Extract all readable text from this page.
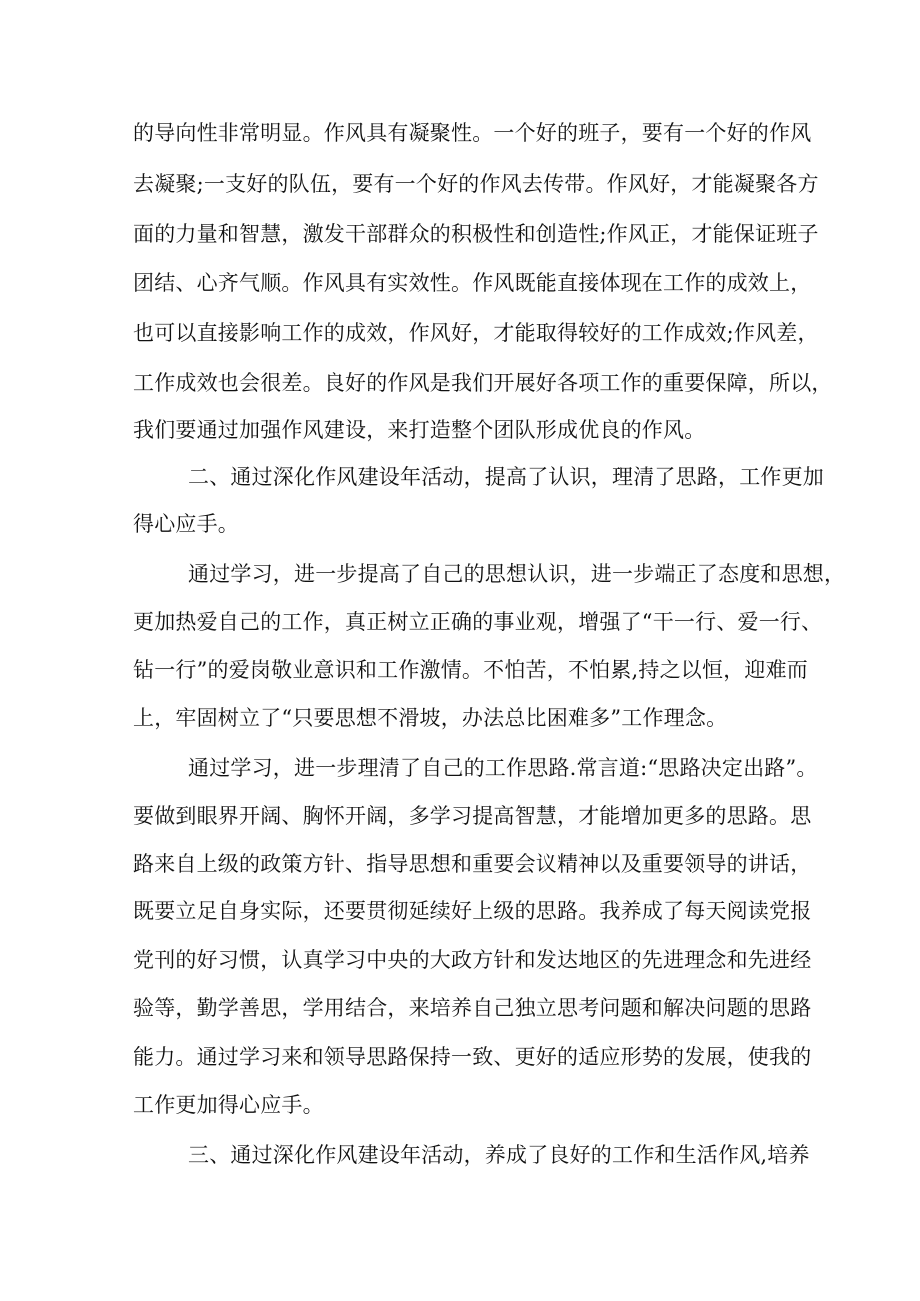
的导向性非常明显。作风具有凝聚性。一个好的班子，要有一个好的作风
去凝聚;一支好的队伍，要有一个好的作风去传带。作风好，才能凝聚各方
面的力量和智慧，激发干部群众的积极性和创造性;作风正，才能保证班子
团结、心齐气顺。作风具有实效性。作风既能直接体现在工作的成效上，
也可以直接影响工作的成效，作风好，才能取得较好的工作成效;作风差，
工作成效也会很差。良好的作风是我们开展好各项工作的重要保障，所以，
我们要通过加强作风建设，来打造整个团队形成优良的作风。
二、通过深化作风建设年活动，提高了认识，理清了思路，工作更加
得心应手。
通过学习，进一步提高了自己的思想认识，进一步端正了态度和思想，
更加热爱自己的工作，真正树立正确的事业观，增强了“干一行、爱一行、
钻一行”的爱岗敬业意识和工作激情。不怕苦，不怕累,持之以恒，迎难而
上，牢固树立了“只要思想不滑坡，办法总比困难多”工作理念。
通过学习，进一步理清了自己的工作思路.常言道:“思路决定出路”。
要做到眼界开阔、胸怀开阔，多学习提高智慧，才能增加更多的思路。思
路来自上级的政策方针、指导思想和重要会议精神以及重要领导的讲话，
既要立足自身实际，还要贯彻延续好上级的思路。我养成了每天阅读党报
党刊的好习惯，认真学习中央的大政方针和发达地区的先进理念和先进经
验等，勤学善思，学用结合，来培养自己独立思考问题和解决问题的思路
能力。通过学习来和领导思路保持一致、更好的适应形势的发展，使我的
工作更加得心应手。
三、通过深化作风建设年活动，养成了良好的工作和生活作风,培养
